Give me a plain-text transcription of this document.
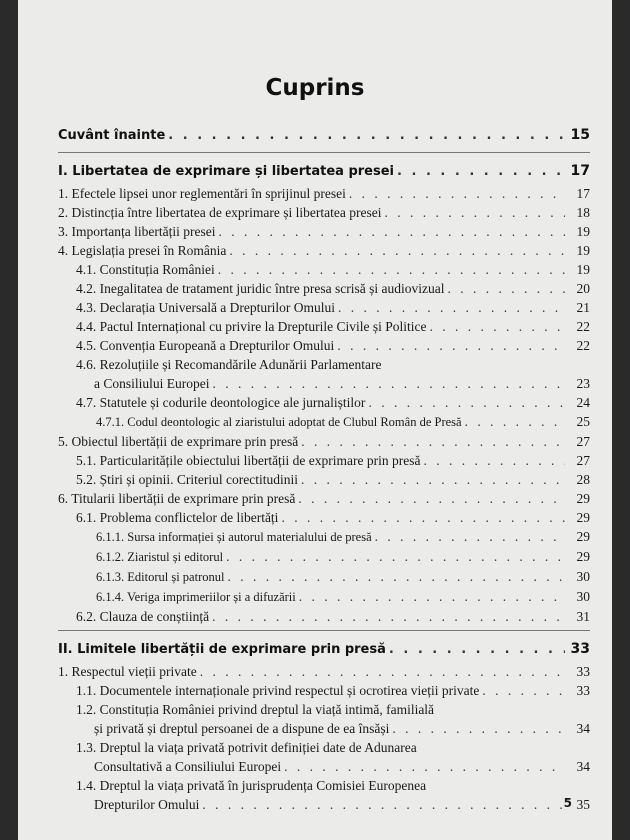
Cuprins
Cuvânt înainte . . .	15
I. Libertatea de exprimare și libertatea presei . . .	17
1. Efectele lipsei unor reglementări în sprijinul presei . . .	17
2. Distincția între libertatea de exprimare și libertatea presei . . .	18
3. Importanța libertății presei . . .	19
4. Legislația presei în România . . .	19
4.1. Constituția României . . .	19
4.2. Inegalitatea de tratament juridic între presa scrisă și audiovizual . . .	20
4.3. Declarația Universală a Drepturilor Omului . . .	21
4.4. Pactul Internațional cu privire la Drepturile Civile și Politice . . .	22
4.5. Convenția Europeană a Drepturilor Omului . . .	22
4.6. Rezoluțiile și Recomandările Adunării Parlamentare
a Consiliului Europei . . .	23
4.7. Statutele și codurile deontologice ale jurnaliștilor . . .	24
4.7.1. Codul deontologic al ziaristului adoptat de Clubul Român de Presă . . .	25
5. Obiectul libertății de exprimare prin presă . . .	27
5.1. Particularitățile obiectului libertății de exprimare prin presă . . .	27
5.2. Știri și opinii. Criteriul corectitudinii . . .	28
6. Titularii libertății de exprimare prin presă . . .	29
6.1. Problema conflictelor de libertăți . . .	29
6.1.1. Sursa informației și autorul materialului de presă . . .	29
6.1.2. Ziaristul și editorul . . .	29
6.1.3. Editorul și patronul . . .	30
6.1.4. Veriga imprimeriilor și a difuzării . . .	30
6.2. Clauza de conștiință . . .	31
II. Limitele libertății de exprimare prin presă . . .	33
1. Respectul vieții private . . .	33
1.1. Documentele internaționale privind respectul și ocrotirea vieții private . . .	33
1.2. Constituția României privind dreptul la viață intimă, familială
și privată și dreptul persoanei de a dispune de ea însăși . . .	34
1.3. Dreptul la viața privată potrivit definiției date de Adunarea
Consultativă a Consiliului Europei . . .	34
1.4. Dreptul la viața privată în jurisprudența Comisiei Europenea
Drepturilor Omului . . .	35
5
